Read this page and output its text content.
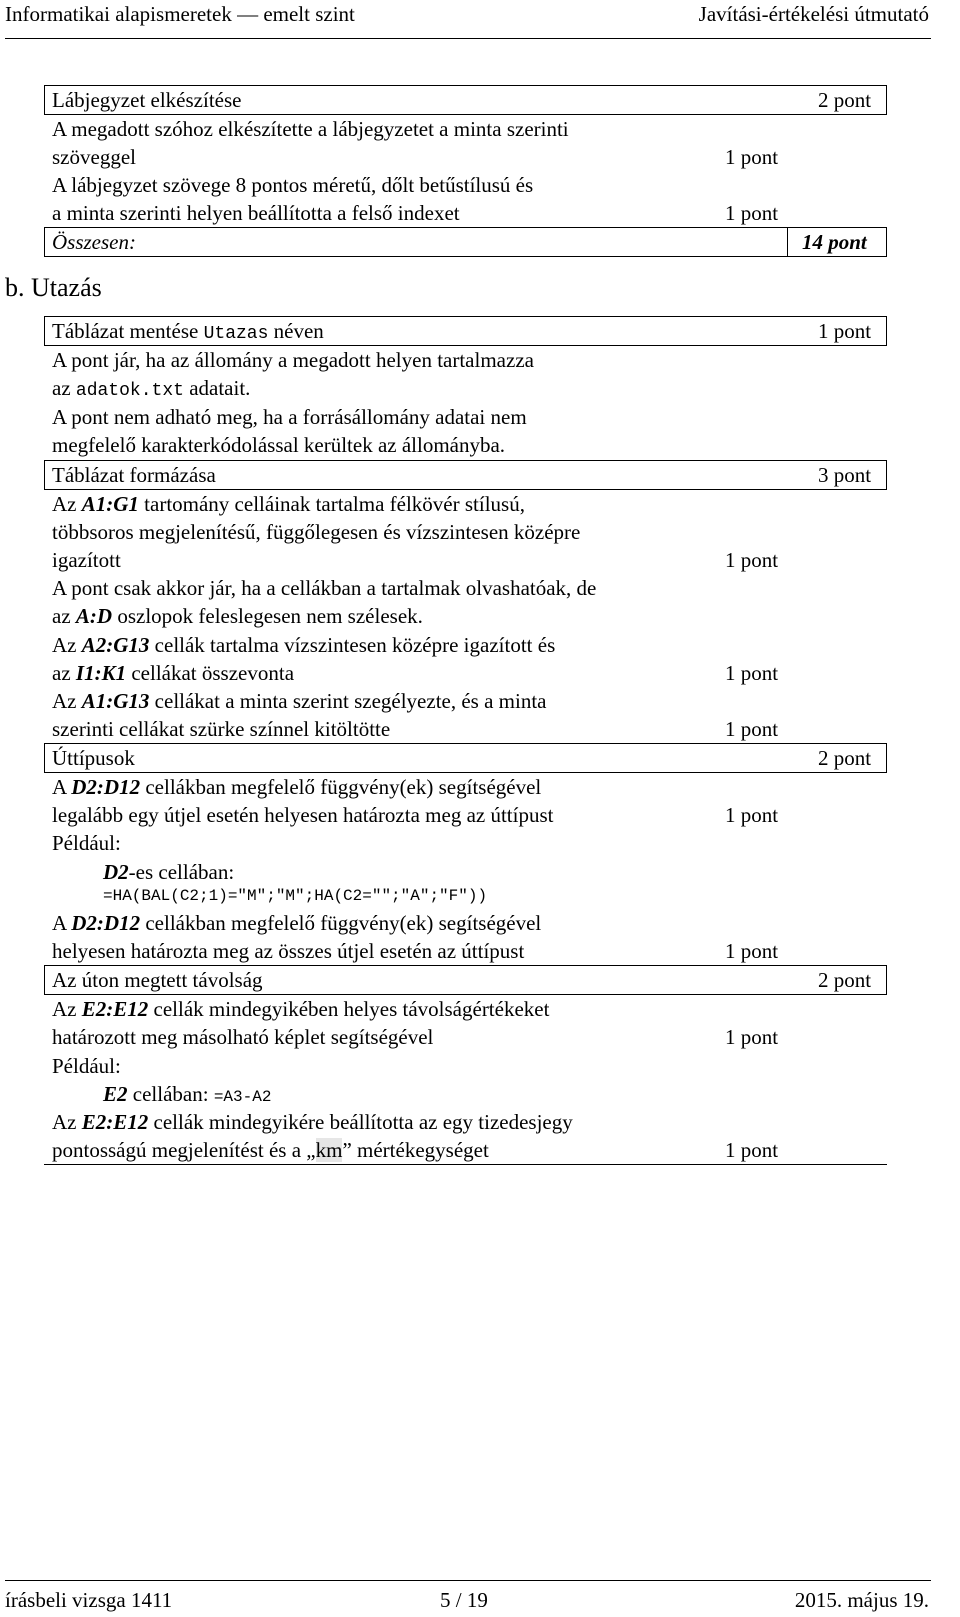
Informatikai alapismeretek — emelt szint	Javítási-értékelési útmutató
Lábjegyzet elkészítése	2 pont
A megadott szóhoz elkészítette a lábjegyzetet a minta szerinti
szöveggel	1 pont
A lábjegyzet szövege 8 pontos méretű, dőlt betűstílusú és
a minta szerinti helyen beállította a felső indexet	1 pont
Összesen:	14 pont
b. Utazás
Táblázat mentése Utazas néven	1 pont
A pont jár, ha az állomány a megadott helyen tartalmazza
az adatok.txt adatait.
A pont nem adható meg, ha a forrásállomány adatai nem
megfelelő karakterkódolással kerültek az állományba.
Táblázat formázása	3 pont
Az A1:G1 tartomány celláinak tartalma félkövér stílusú,
többsoros megjelenítésű, függőlegesen és vízszintesen középre
igazított	1 pont
A pont csak akkor jár, ha a cellákban a tartalmak olvashatóak, de
az A:D oszlopok feleslegesen nem szélesek.
Az A2:G13 cellák tartalma vízszintesen középre igazított és
az I1:K1 cellákat összevonta	1 pont
Az A1:G13 cellákat a minta szerint szegélyezte, és a minta
szerinti cellákat szürke színnel kitöltötte	1 pont
Úttípusok	2 pont
A D2:D12 cellákban megfelelő függvény(ek) segítségével
legalább egy útjel esetén helyesen határozta meg az úttípust	1 pont
Például:
D2-es cellában:
=HA(BAL(C2;1)="M";"M";HA(C2="";"A";"F"))
A D2:D12 cellákban megfelelő függvény(ek) segítségével
helyesen határozta meg az összes útjel esetén az úttípust	1 pont
Az úton megtett távolság	2 pont
Az E2:E12 cellák mindegyikében helyes távolságértékeket
határozott meg másolható képlet segítségével	1 pont
Például:
E2 cellában: =A3-A2
Az E2:E12 cellák mindegyikére beállította az egy tizedesjegy
pontosságú megjelenítést és a „km” mértékegységet	1 pont
írásbeli vizsga 1411	5 / 19	2015. május 19.
